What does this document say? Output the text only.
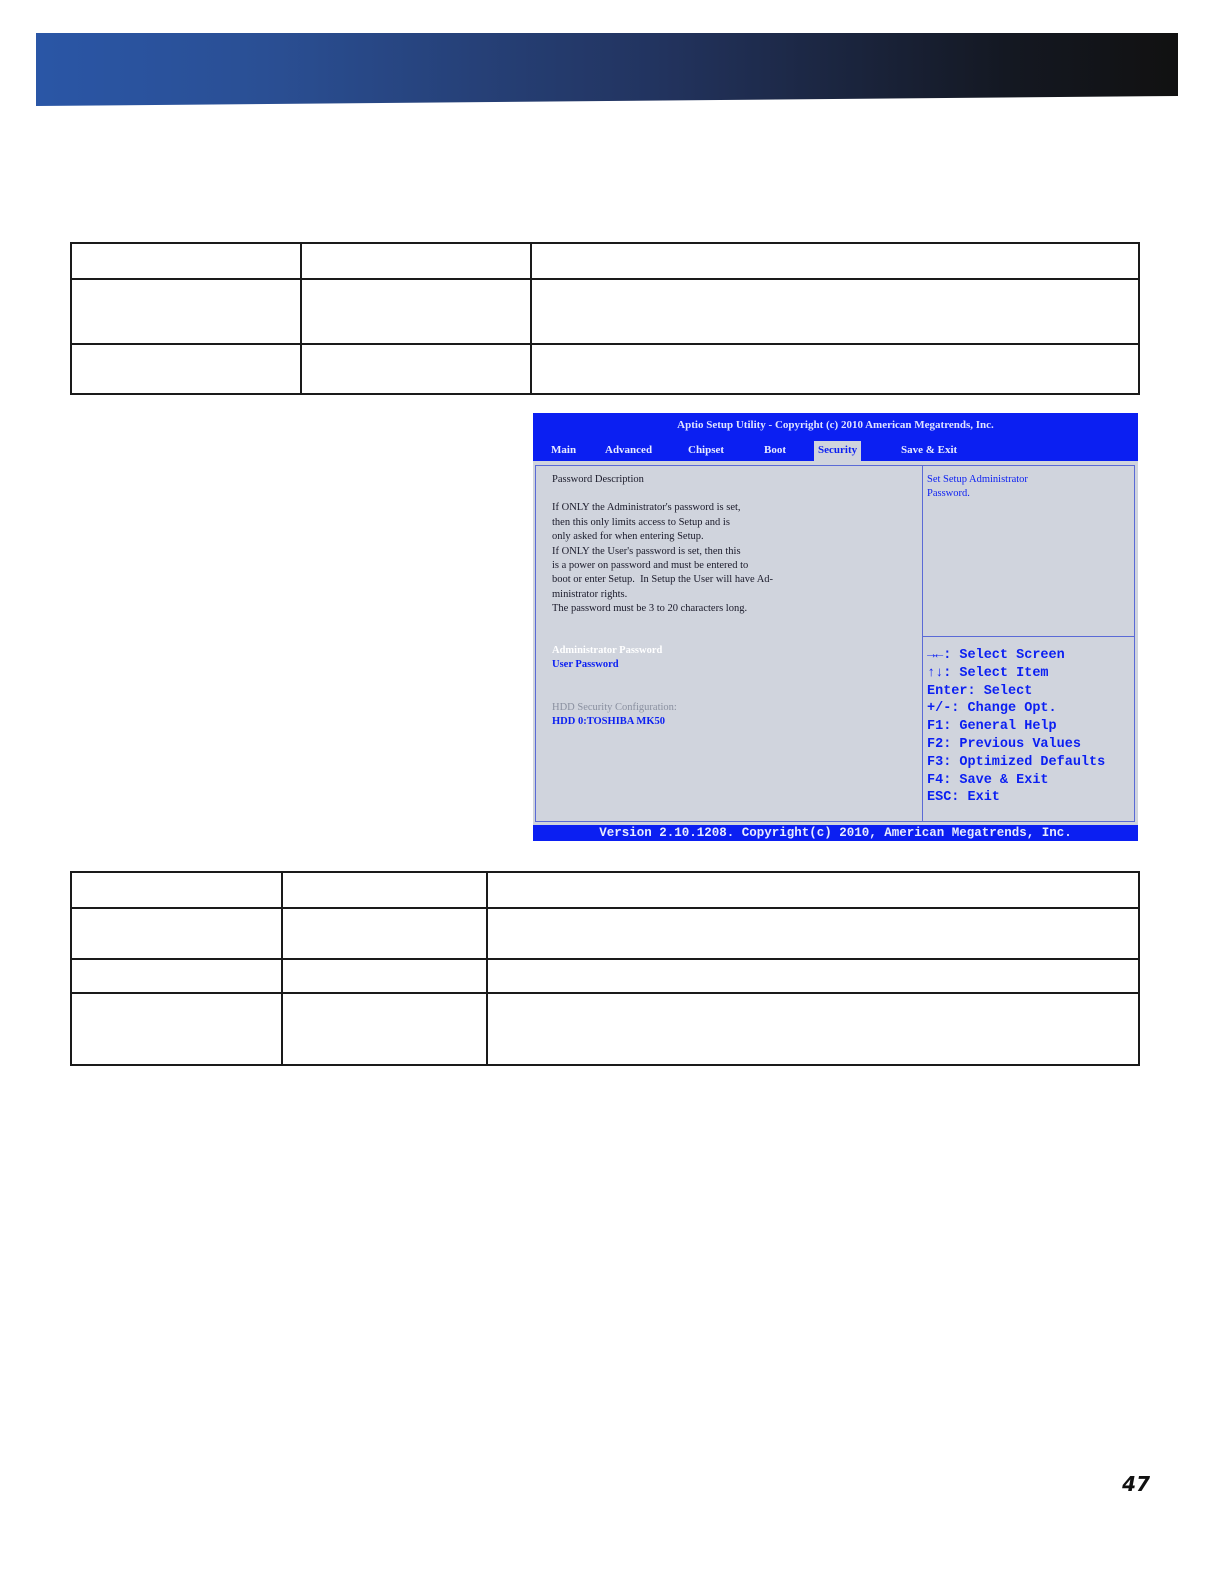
Aptio Setup Utility - Copyright (c) 2010 American Megatrends, Inc.
Main	Advanced	Chipset	Boot	Security	Save & Exit

Password Description

If ONLY the Administrator's password is set,

then this only limits access to Setup and is

only asked for when entering Setup.

If ONLY the User's password is set, then this

is a power on password and must be entered to

boot or enter Setup.  In Setup the User will have Ad-

ministrator rights.

The password must be 3 to 20 characters long.

Administrator Password
User Password
HDD Security Configuration:
HDD 0:TOSHIBA MK50

Set Setup Administrator

Password.

→←: Select Screen
↑↓: Select Item
Enter: Select
+/-: Change Opt.
F1: General Help
F2: Previous Values
F3: Optimized Defaults
F4: Save & Exit
ESC: Exit
Version 2.10.1208. Copyright(c) 2010, American Megatrends, Inc.

47
